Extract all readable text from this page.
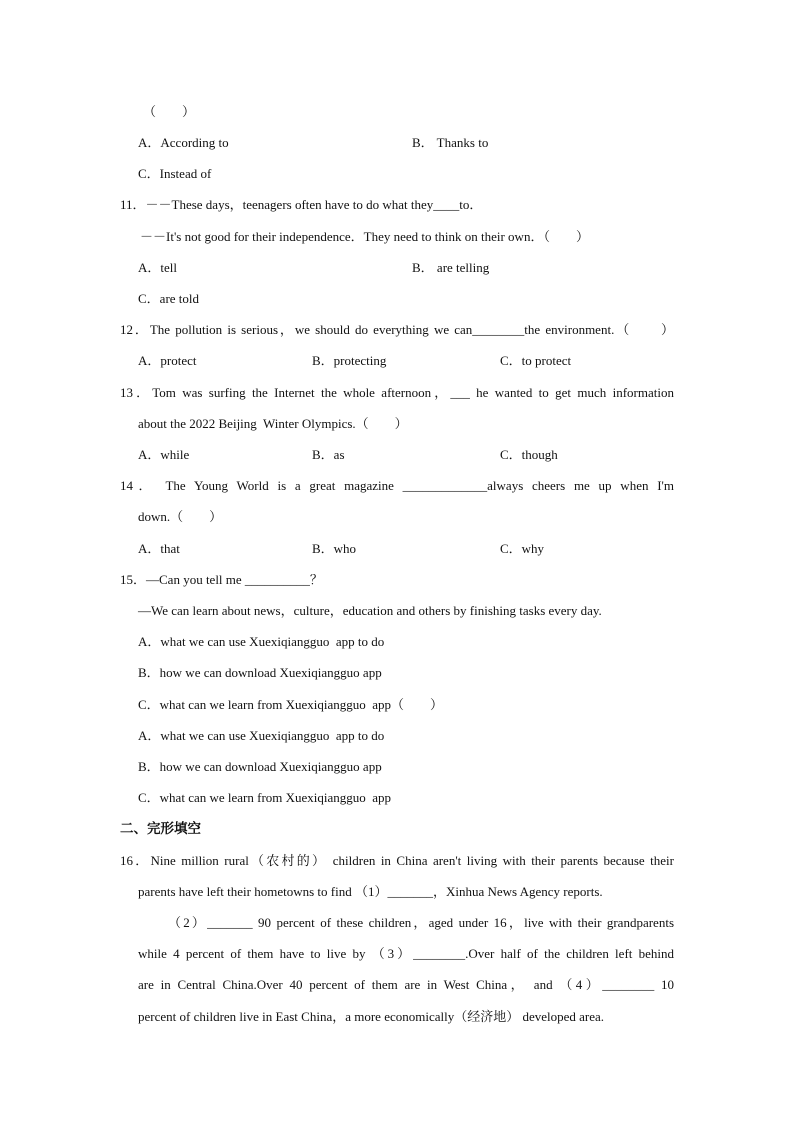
（　　）
A．According to	B． Thanks to
C．Instead of
11．－－These days，teenagers often have to do what they____to．
－－It's not good for their independence．They need to think on their own．（　　）
A．tell	B． are telling
C．are told
12．The pollution is serious，we should do everything we can________the environment.（　　）
A．protect	B．protecting	C．to protect
13．Tom was surfing the Internet the whole afternoon，___ he wanted to get much information
about the 2022 Beijing  Winter Olympics.（　　）
A．while	B．as	C．though
14． The Young World is a great magazine _____________always cheers me up when I'm
down.（　　）
A．that	B．who	C．why
15．—Can you tell me __________？
—We can learn about news，culture，education and others by finishing tasks every day.
A．what we can use Xuexiqiangguo  app to do
B．how we can download Xuexiqiangguo app
C．what can we learn from Xuexiqiangguo  app（　　）
A．what we can use Xuexiqiangguo  app to do
B．how we can download Xuexiqiangguo app
C．what can we learn from Xuexiqiangguo  app
二、完形填空
16．Nine million rural（农村的） children in China aren't living with their parents because their
parents have left their hometowns to find （1）_______，Xinhua News Agency reports.
（2）_______ 90 percent of these children，aged under 16，live with their grandparents
while 4 percent of them have to live by （3）________.Over half of the children left behind
are in Central China.Over 40 percent of them are in West China， and （4）________ 10
percent of children live in East China，a more economically（经济地） developed area.
